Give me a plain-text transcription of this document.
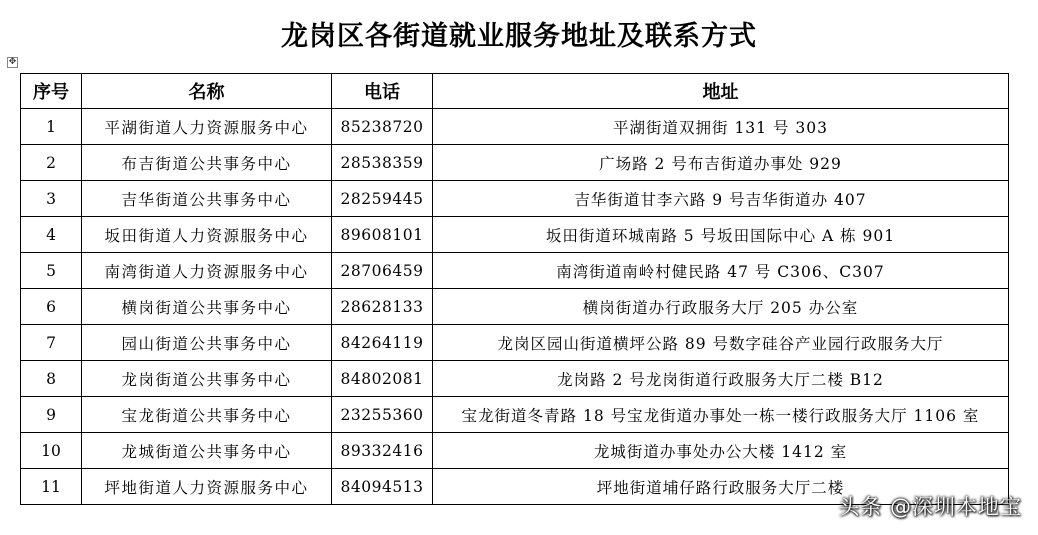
龙岗区各街道就业服务地址及联系方式
✥
序号	名称	电话	地址
1	平湖街道人力资源服务中心	85238720	平湖街道双拥街 131 号 303
2	布吉街道公共事务中心	28538359	广场路 2 号布吉街道办事处 929
3	吉华街道公共事务中心	28259445	吉华街道甘李六路 9 号吉华街道办 407
4	坂田街道人力资源服务中心	89608101	坂田街道环城南路 5 号坂田国际中心 A 栋 901
5	南湾街道人力资源服务中心	28706459	南湾街道南岭村健民路 47 号 C306、C307
6	横岗街道公共事务中心	28628133	横岗街道办行政服务大厅 205 办公室
7	园山街道公共事务中心	84264119	龙岗区园山街道横坪公路 89 号数字硅谷产业园行政服务大厅
8	龙岗街道公共事务中心	84802081	龙岗路 2 号龙岗街道行政服务大厅二楼 B12
9	宝龙街道公共事务中心	23255360	宝龙街道冬青路 18 号宝龙街道办事处一栋一楼行政服务大厅 1106 室
10	龙城街道公共事务中心	89332416	龙城街道办事处办公大楼 1412 室
11	坪地街道人力资源服务中心	84094513	坪地街道埔仔路行政服务大厅二楼
头条 @深圳本地宝
